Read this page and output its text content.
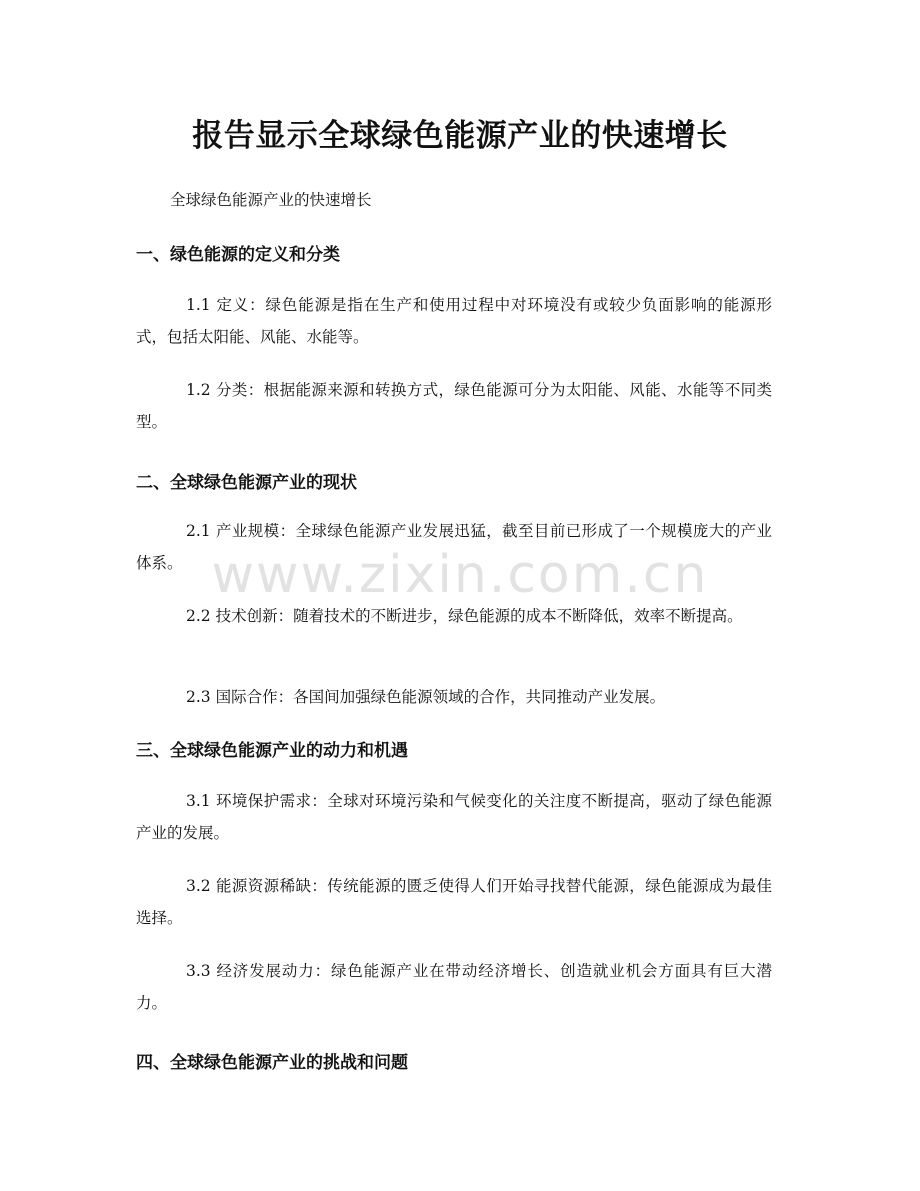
报告显示全球绿色能源产业的快速增长

全球绿色能源产业的快速增长

一、绿色能源的定义和分类

1.1 定义：绿色能源是指在生产和使用过程中对环境没有或较少负面影响的能源形式，包括太阳能、风能、水能等。

1.2 分类：根据能源来源和转换方式，绿色能源可分为太阳能、风能、水能等不同类型。

二、全球绿色能源产业的现状

2.1 产业规模：全球绿色能源产业发展迅猛，截至目前已形成了一个规模庞大的产业体系。

2.2 技术创新：随着技术的不断进步，绿色能源的成本不断降低，效率不断提高。

2.3 国际合作：各国间加强绿色能源领域的合作，共同推动产业发展。

三、全球绿色能源产业的动力和机遇

3.1 环境保护需求：全球对环境污染和气候变化的关注度不断提高，驱动了绿色能源产业的发展。

3.2 能源资源稀缺：传统能源的匮乏使得人们开始寻找替代能源，绿色能源成为最佳选择。

3.3 经济发展动力：绿色能源产业在带动经济增长、创造就业机会方面具有巨大潜力。

四、全球绿色能源产业的挑战和问题
www.zixin.com.cn
